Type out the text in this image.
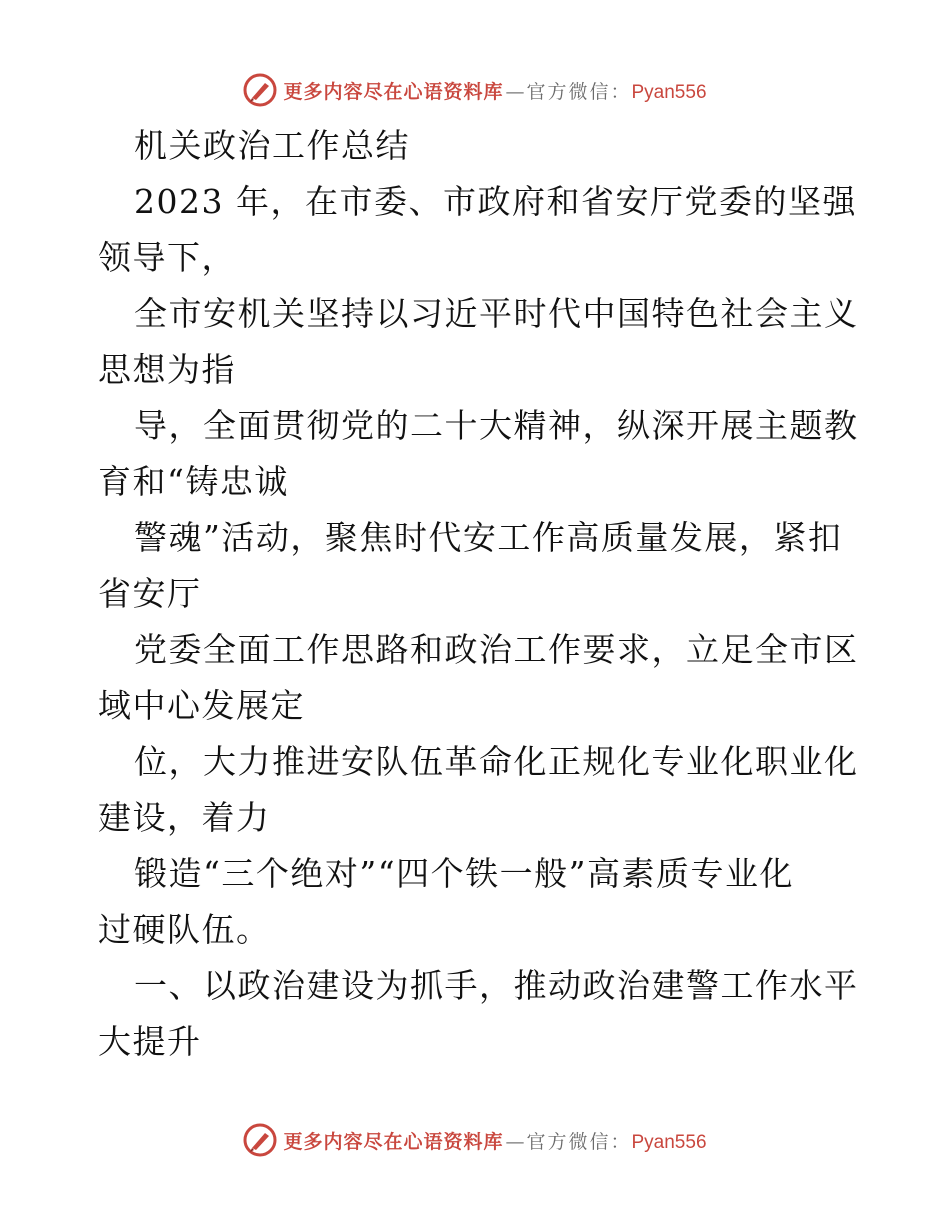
更多内容尽在心语资料库 — 官方微信： Pyan556
机关政治工作总结
2023 年，在市委、市政府和省安厅党委的坚强
领导下，
全市安机关坚持以习近平时代中国特色社会主义
思想为指
导，全面贯彻党的二十大精神，纵深开展主题教
育和“铸忠诚
警魂”活动，聚焦时代安工作高质量发展，紧扣
省安厅
党委全面工作思路和政治工作要求，立足全市区
域中心发展定
位，大力推进安队伍革命化正规化专业化职业化
建设，着力
锻造“三个绝对”“四个铁一般”高素质专业化
过硬队伍。
一、以政治建设为抓手，推动政治建警工作水平
大提升
更多内容尽在心语资料库 — 官方微信： Pyan556
